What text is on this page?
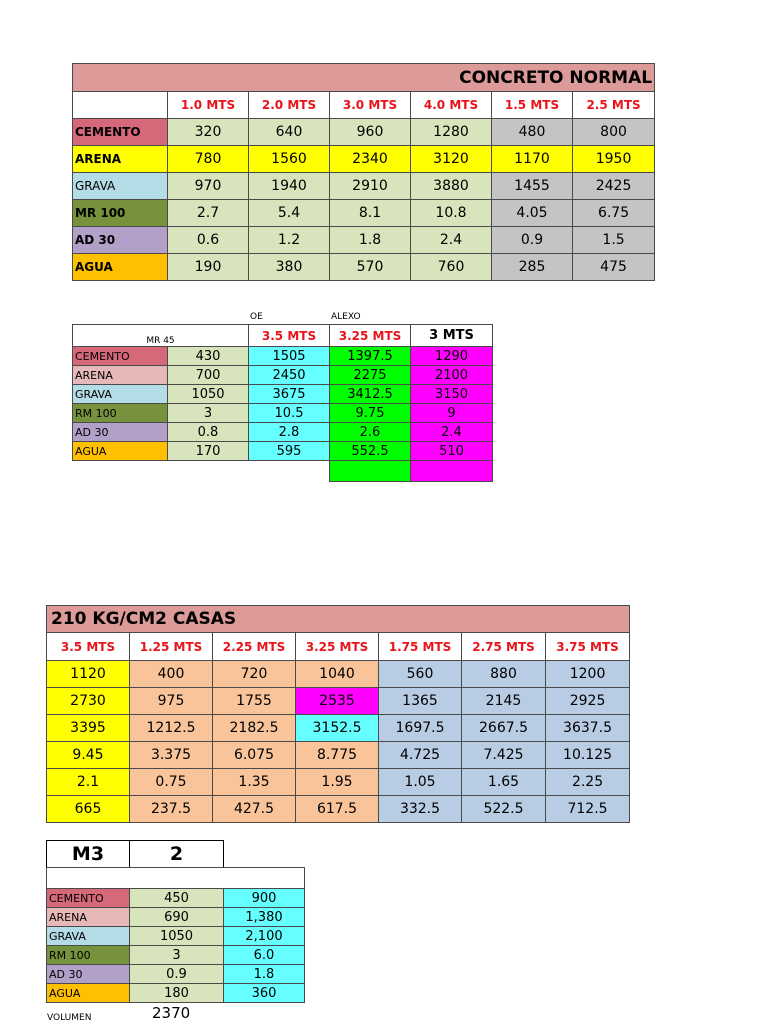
CONCRETO NORMAL						
	1.0 MTS	2.0 MTS	3.0 MTS	4.0 MTS	1.5 MTS	2.5 MTS
CEMENTO	320	640	960	1280	480	800
ARENA	780	1560	2340	3120	1170	1950
GRAVA	970	1940	2910	3880	1455	2425
MR 100	2.7	5.4	8.1	10.8	4.05	6.75
AD 30	0.6	1.2	1.8	2.4	0.9	1.5
AGUA	190	380	570	760	285	475
OE	ALEXO
MR 45		3.5 MTS	3.25 MTS	3 MTS
CEMENTO	430	1505	1397.5	1290
ARENA	700	2450	2275	2100
GRAVA	1050	3675	3412.5	3150
RM 100	3	10.5	9.75	9
AD 30	0.8	2.8	2.6	2.4
AGUA	170	595	552.5	510

210 KG/CM2 CASAS						
3.5 MTS	1.25 MTS	2.25 MTS	3.25 MTS	1.75 MTS	2.75 MTS	3.75 MTS
1120	400	720	1040	560	880	1200
2730	975	1755	2535	1365	2145	2925
3395	1212.5	2182.5	3152.5	1697.5	2667.5	3637.5
9.45	3.375	6.075	8.775	4.725	7.425	10.125
2.1	0.75	1.35	1.95	1.05	1.65	2.25
665	237.5	427.5	617.5	332.5	522.5	712.5
M3	2

CEMENTO	450	900
ARENA	690	1,380
GRAVA	1050	2,100
RM 100	3	6.0
AD 30	0.9	1.8
AGUA	180	360
VOLUMEN	2370
